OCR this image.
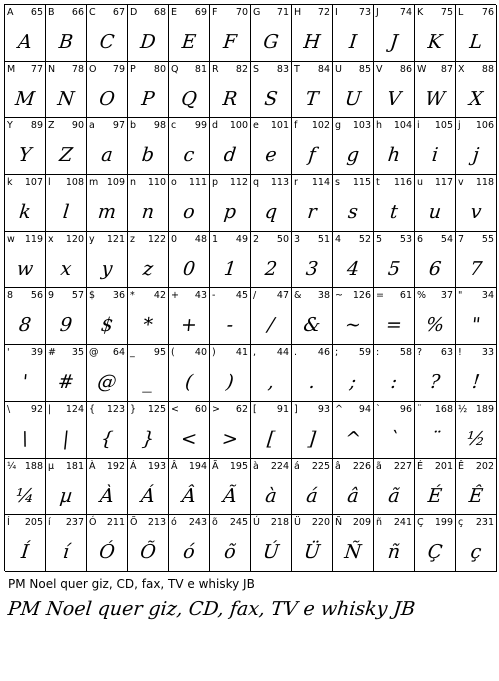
A 65
A
B 66
B
C 67
C
D 68
D
E 69
E
F 70
F
G 71
G
H 72
H
I 73
I
J 74
J
K 75
K
L 76
L
M 77
M
N 78
N
O 79
O
P 80
P
Q 81
Q
R 82
R
S 83
S
T 84
T
U 85
U
V 86
V
W 87
W
X 88
X
Y 89
Y
Z 90
Z
a 97
a
b 98
b
c 99
c
d 100
d
e 101
e
f 102
f
g 103
g
h 104
h
i 105
i
j 106
j
k 107
k
l 108
l
m 109
m
n 110
n
o 111
o
p 112
p
q 113
q
r 114
r
s 115
s
t 116
t
u 117
u
v 118
v
w 119
w
x 120
x
y 121
y
z 122
z
0 48
0
1 49
1
2 50
2
3 51
3
4 52
4
5 53
5
6 54
6
7 55
7
8 56
8
9 57
9
$ 36
$
* 42
*
+ 43
+
- 45
-
/ 47
/
& 38
&
~ 126
~
= 61
=
% 37
%
" 34
"
' 39
'
# 35
#
@ 64
@
_ 95
_
( 40
(
) 41
)
, 44
,
. 46
.
; 59
;
: 58
:
? 63
?
! 33
!
\ 92
\
| 124
|
{ 123
{
} 125
}
< 60
<
> 62
>
[ 91
[
] 93
]
^ 94
^
` 96
`
¨ 168
¨
½ 189
½
¼ 188
¼
µ 181
µ
À 192
À
Á 193
Á
Â 194
Â
Ã 195
Ã
à 224
à
á 225
á
â 226
â
ã 227
ã
É 201
É
Ê 202
Ê
Í 205
Í
í 237
í
Ó 211
Ó
Õ 213
Õ
ó 243
ó
õ 245
õ
Ú 218
Ú
Ü 220
Ü
Ñ 209
Ñ
ñ 241
ñ
Ç 199
Ç
ç 231
ç
PM Noel quer giz, CD, fax, TV e whisky JB
PM Noel quer giz, CD, fax, TV e whisky JB
